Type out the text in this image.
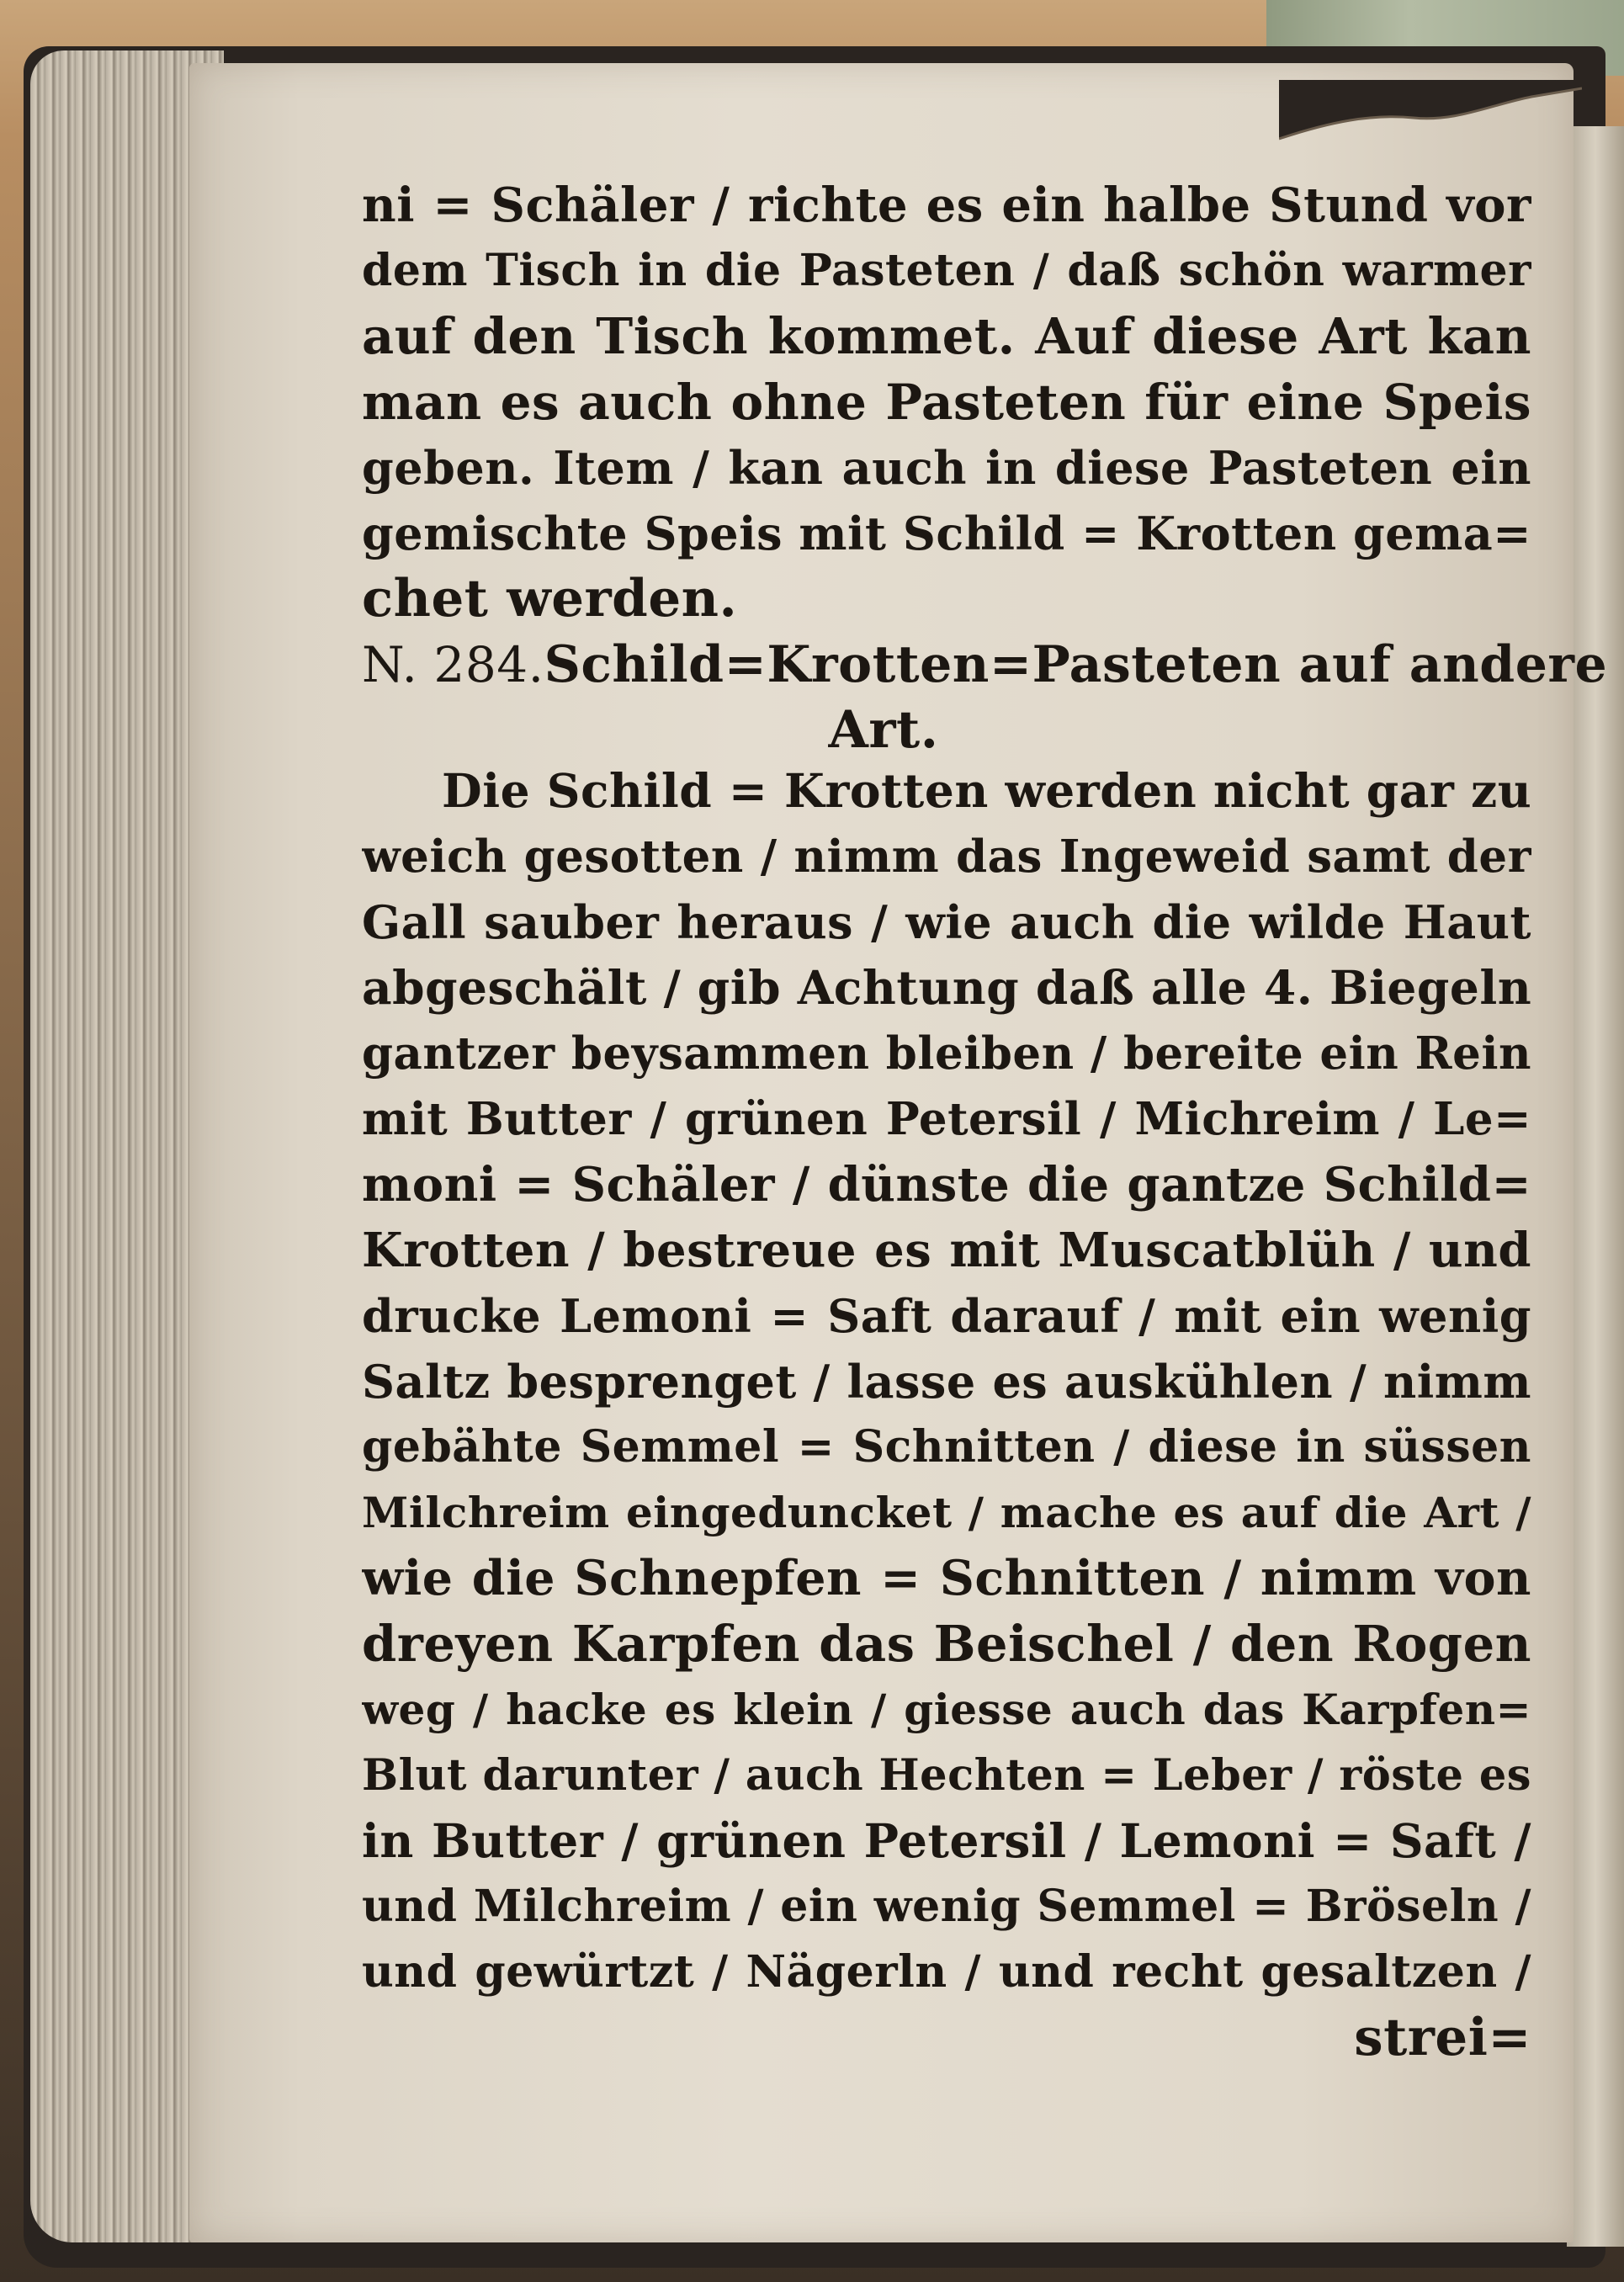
ni = Schäler / richte es ein halbe Stund vor
dem Tisch in die Pasteten / daß schön warmer
auf den Tisch kommet. Auf diese Art kan
man es auch ohne Pasteten für eine Speis
geben. Item / kan auch in diese Pasteten ein
gemischte Speis mit Schild = Krotten gema=
chet werden.
N. 284. Schild=Krotten=Pasteten auf andere
Art.
Die Schild = Krotten werden nicht gar zu
weich gesotten / nimm das Ingeweid samt der
Gall sauber heraus / wie auch die wilde Haut
abgeschält / gib Achtung daß alle 4. Biegeln
gantzer beysammen bleiben / bereite ein Rein
mit Butter / grünen Petersil / Michreim / Le=
moni = Schäler / dünste die gantze Schild=
Krotten / bestreue es mit Muscatblüh / und
drucke Lemoni = Saft darauf / mit ein wenig
Saltz besprenget / lasse es auskühlen / nimm
gebähte Semmel = Schnitten / diese in süssen
Milchreim eingeduncket / mache es auf die Art /
wie die Schnepfen = Schnitten / nimm von
dreyen Karpfen das Beischel / den Rogen
weg / hacke es klein / giesse auch das Karpfen=
Blut darunter / auch Hechten = Leber / röste es
in Butter / grünen Petersil / Lemoni = Saft /
und Milchreim / ein wenig Semmel = Bröseln /
und gewürtzt / Nägerln / und recht gesaltzen /
strei=
